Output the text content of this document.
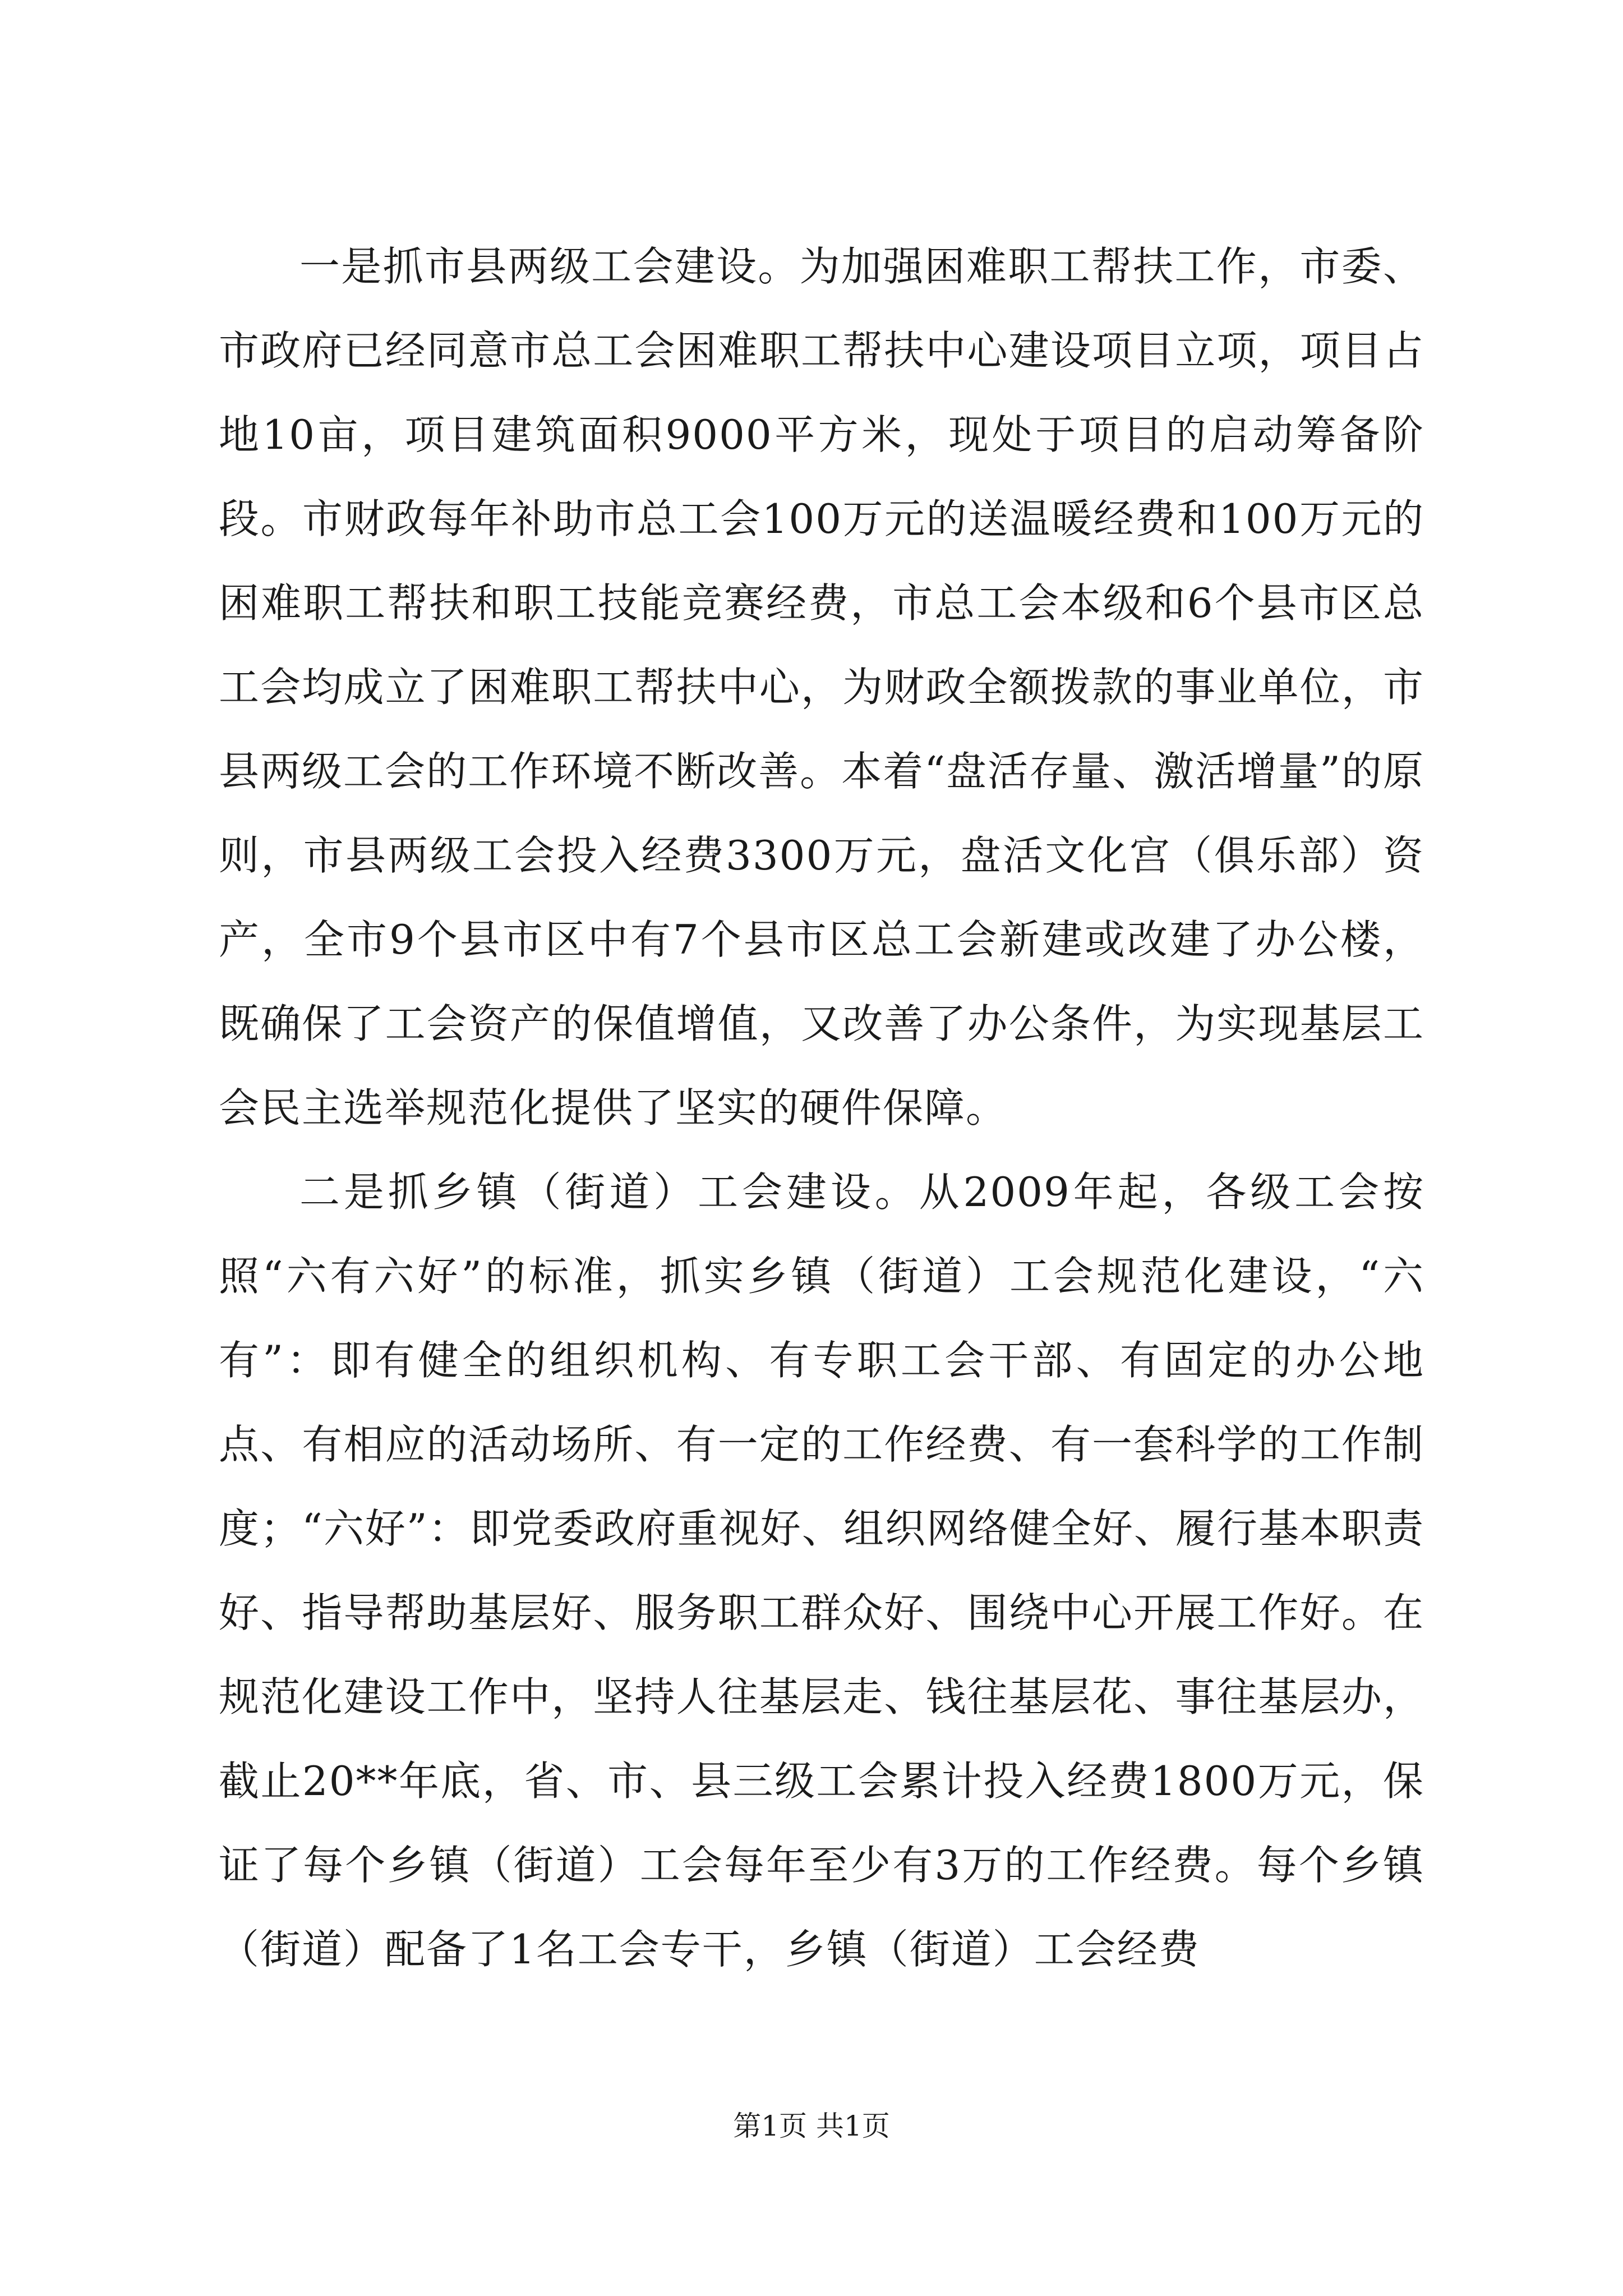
一是抓市县两级工会建设。为加强困难职工帮扶工作，市委、市政府已经同意市总工会困难职工帮扶中心建设项目立项，项目占地10亩，项目建筑面积9000平方米，现处于项目的启动筹备阶段。市财政每年补助市总工会100万元的送温暖经费和100万元的困难职工帮扶和职工技能竞赛经费，市总工会本级和6个县市区总工会均成立了困难职工帮扶中心，为财政全额拨款的事业单位，市县两级工会的工作环境不断改善。本着“盘活存量、激活增量”的原则，市县两级工会投入经费3300万元，盘活文化宫（俱乐部）资产，全市9个县市区中有7个县市区总工会新建或改建了办公楼，既确保了工会资产的保值增值，又改善了办公条件，为实现基层工会民主选举规范化提供了坚实的硬件保障。

二是抓乡镇（街道）工会建设。从2009年起，各级工会按照“六有六好”的标准，抓实乡镇（街道）工会规范化建设，“六有”：即有健全的组织机构、有专职工会干部、有固定的办公地点、有相应的活动场所、有一定的工作经费、有一套科学的工作制度；“六好”：即党委政府重视好、组织网络健全好、履行基本职责好、指导帮助基层好、服务职工群众好、围绕中心开展工作好。在规范化建设工作中，坚持人往基层走、钱往基层花、事往基层办，截止20**年底，省、市、县三级工会累计投入经费1800万元，保证了每个乡镇（街道）工会每年至少有3万的工作经费。每个乡镇（街道）配备了1名工会专干，乡镇（街道）工会经费

第1页 共1页
